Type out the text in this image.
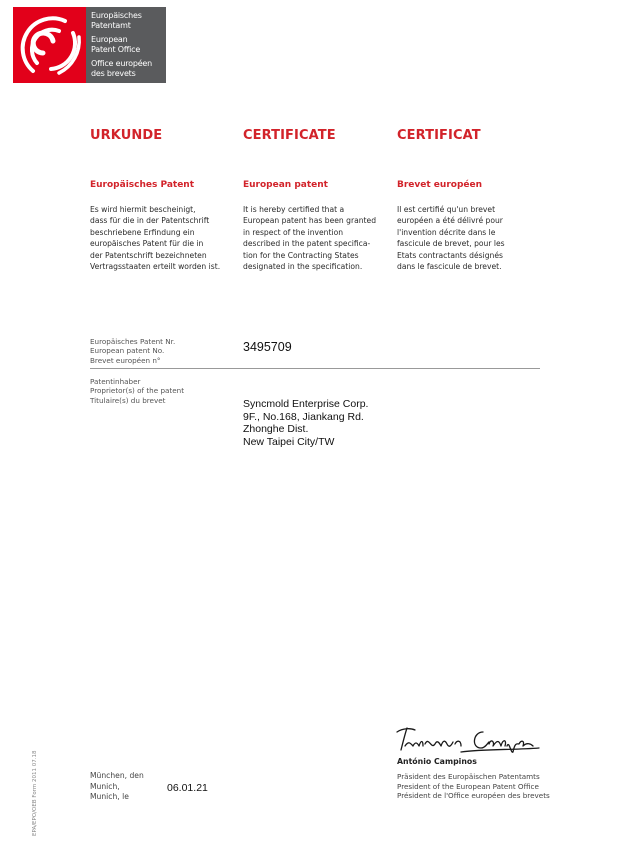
Europäisches
Patentamt
European
Patent Office
Office européen
des brevets
URKUNDE
Europäisches Patent
Es wird hiermit bescheinigt,
dass für die in der Patentschrift
beschriebene Erfindung ein
europäisches Patent für die in
der Patentschrift bezeichneten
Vertragsstaaten erteilt worden ist.
CERTIFICATE
European patent
It is hereby certified that a
European patent has been granted
in respect of the invention
described in the patent specifica-
tion for the Contracting States
designated in the specification.
CERTIFICAT
Brevet européen
Il est certifié qu'un brevet
européen a été délivré pour
l'invention décrite dans le
fascicule de brevet, pour les
Etats contractants désignés
dans le fascicule de brevet.
Europäisches Patent Nr.
European patent No.
Brevet européen n°
3495709
Patentinhaber
Proprietor(s) of the patent
Titulaire(s) du brevet	Syncmold Enterprise Corp.
9F., No.168, Jiankang Rd.
Zhonghe Dist.
New Taipei City/TW
EPA/EPO/OEB Form 2011 07.18	München, den
Munich,
Munich, le
06.01.21
António Campinos
Präsident des Europäischen Patentamts
President of the European Patent Office
Président de l'Office européen des brevets
